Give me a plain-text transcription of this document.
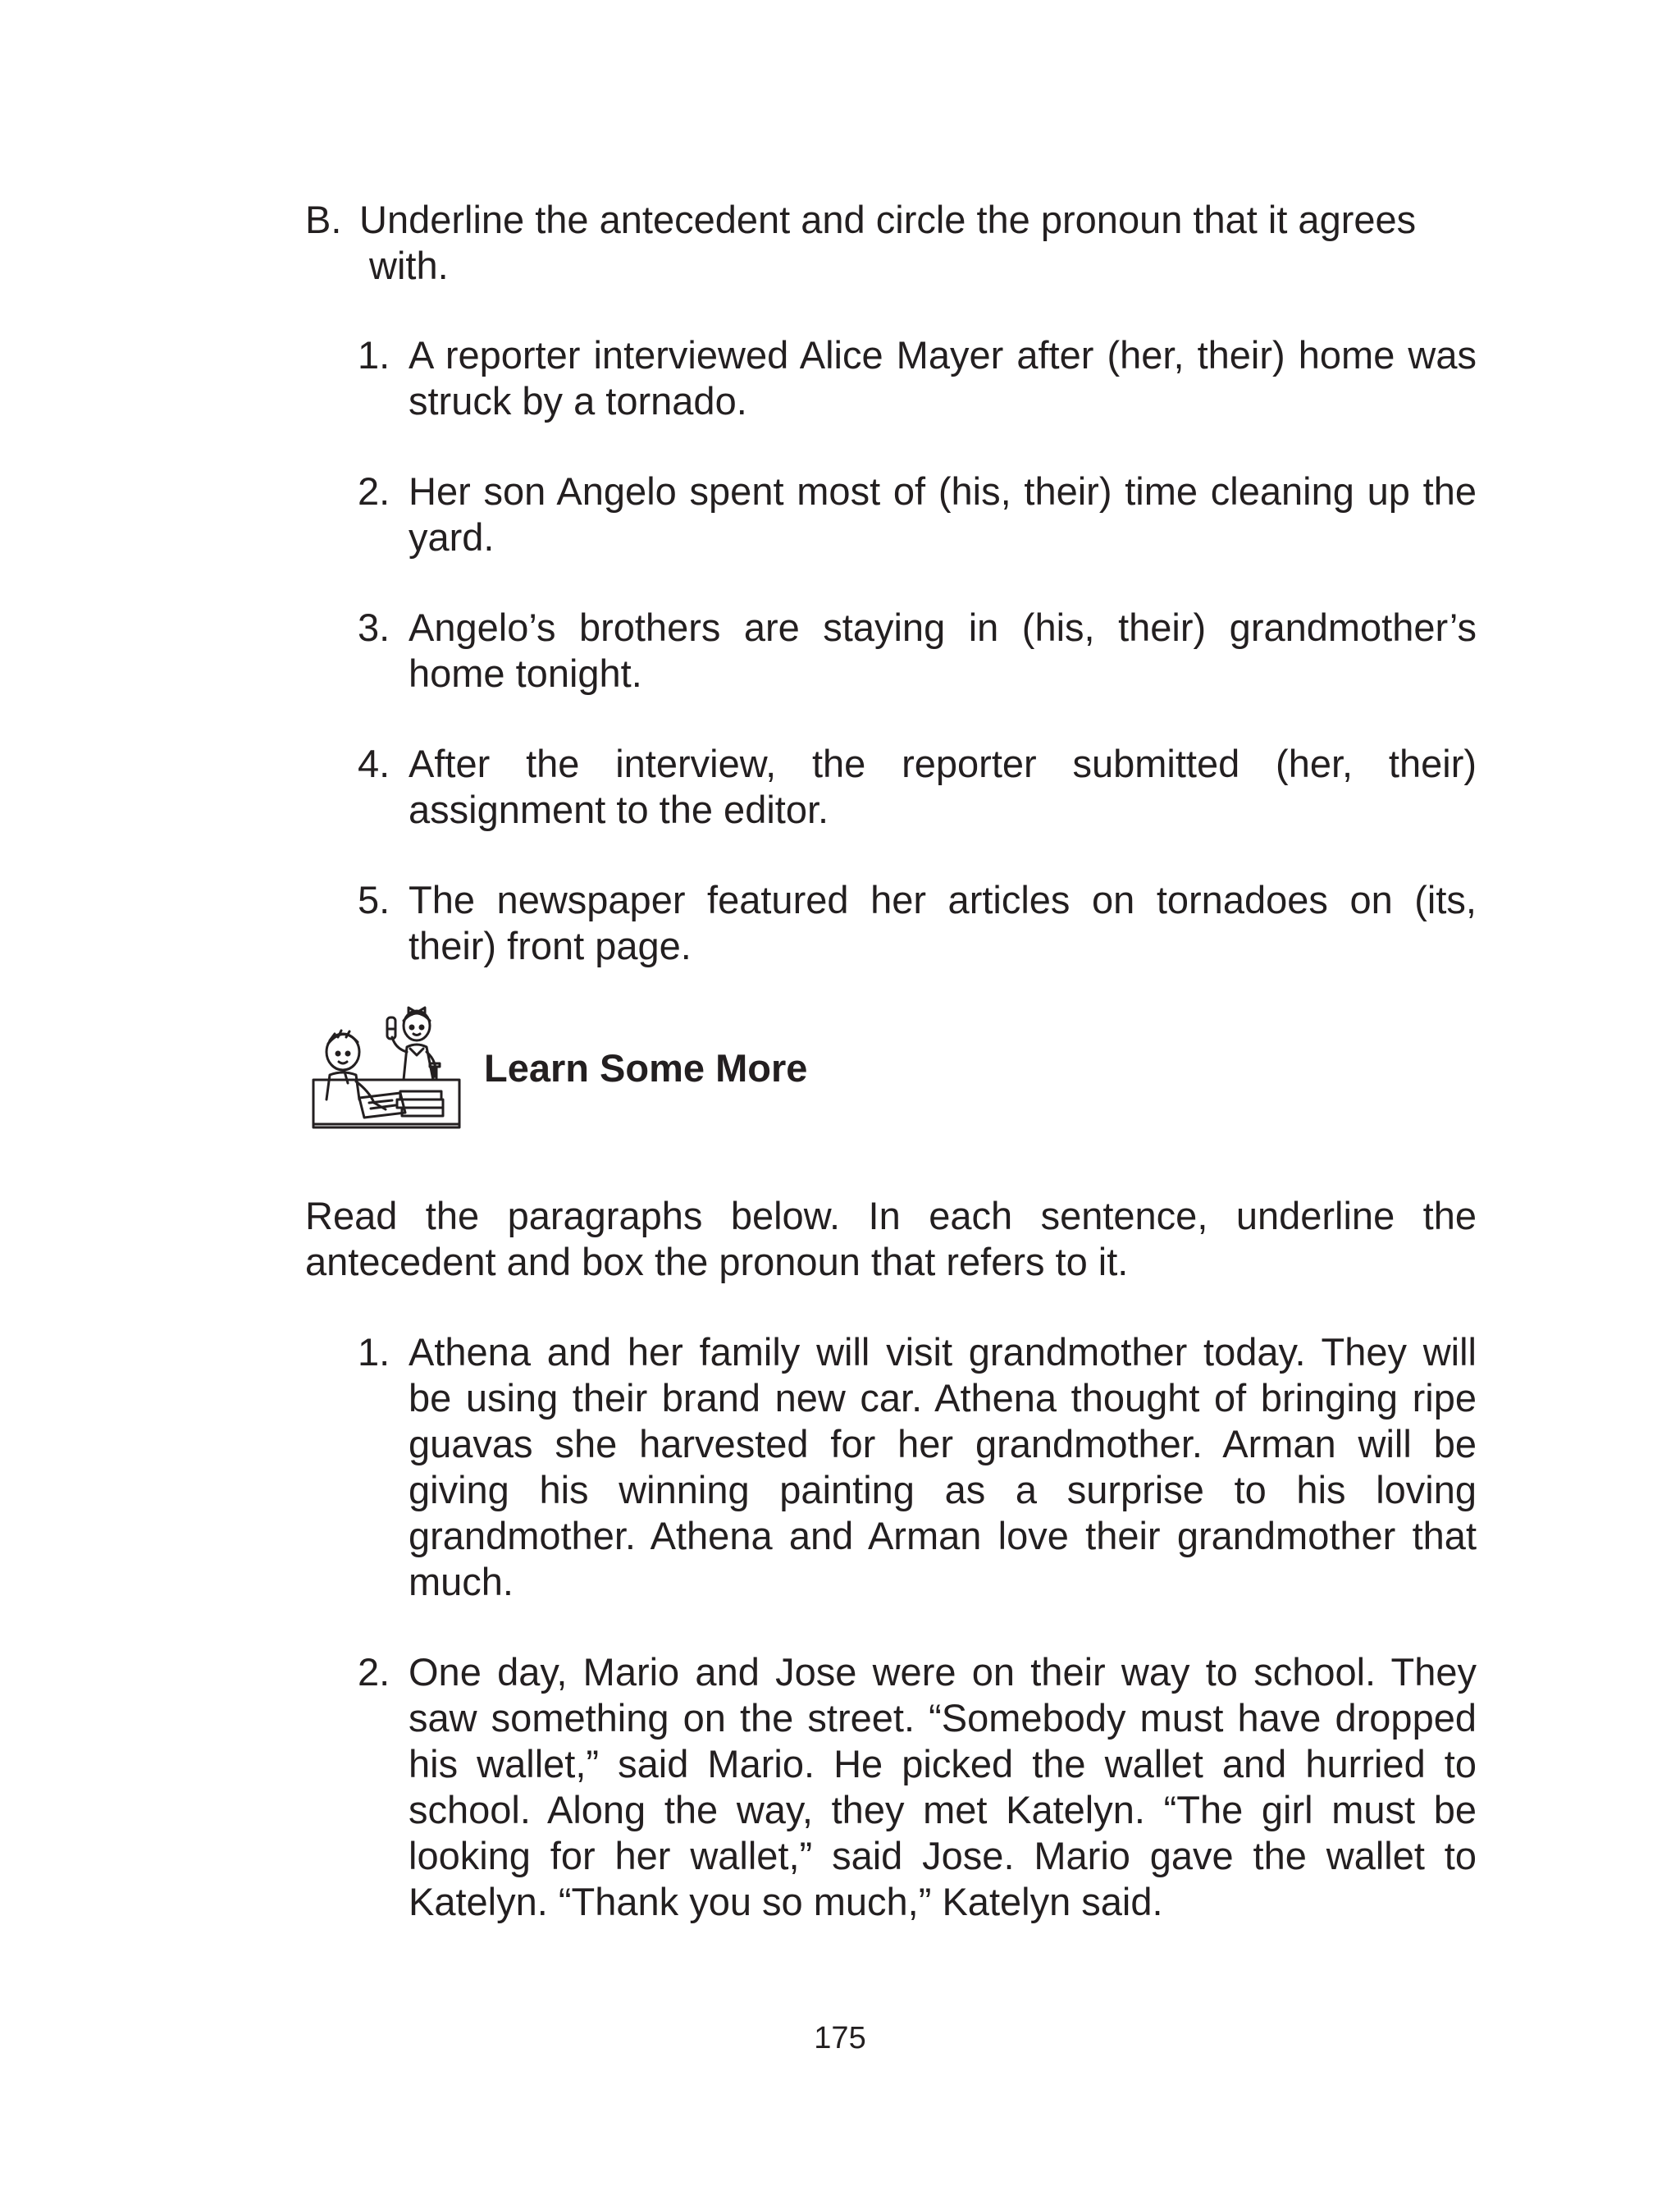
B. Underline the antecedent and circle the pronoun that it agrees
with.
1. A reporter interviewed Alice Mayer after (her, their) home was struck by a tornado.
2. Her son Angelo spent most of (his, their) time cleaning up the yard.
3. Angelo’s brothers are staying in (his, their) grandmother’s home tonight.
4. After the interview, the reporter submitted (her, their) assignment to the editor.
5. The newspaper featured her articles on tornadoes on (its, their) front page.
Learn Some More

Read the paragraphs below. In each sentence, underline the antecedent and box the pronoun that refers to it.

1. Athena and her family will visit grandmother today. They will be using their brand new car. Athena thought of bringing ripe guavas she harvested for her grandmother. Arman will be giving his winning painting as a surprise to his loving grandmother. Athena and Arman love their grandmother that much.
2. One day, Mario and Jose were on their way to school. They saw something on the street. “Somebody must have dropped his wallet,” said Mario. He picked the wallet and hurried to school. Along the way, they met Katelyn. “The girl must be looking for her wallet,” said Jose. Mario gave the wallet to Katelyn. “Thank you so much,” Katelyn said.
175
